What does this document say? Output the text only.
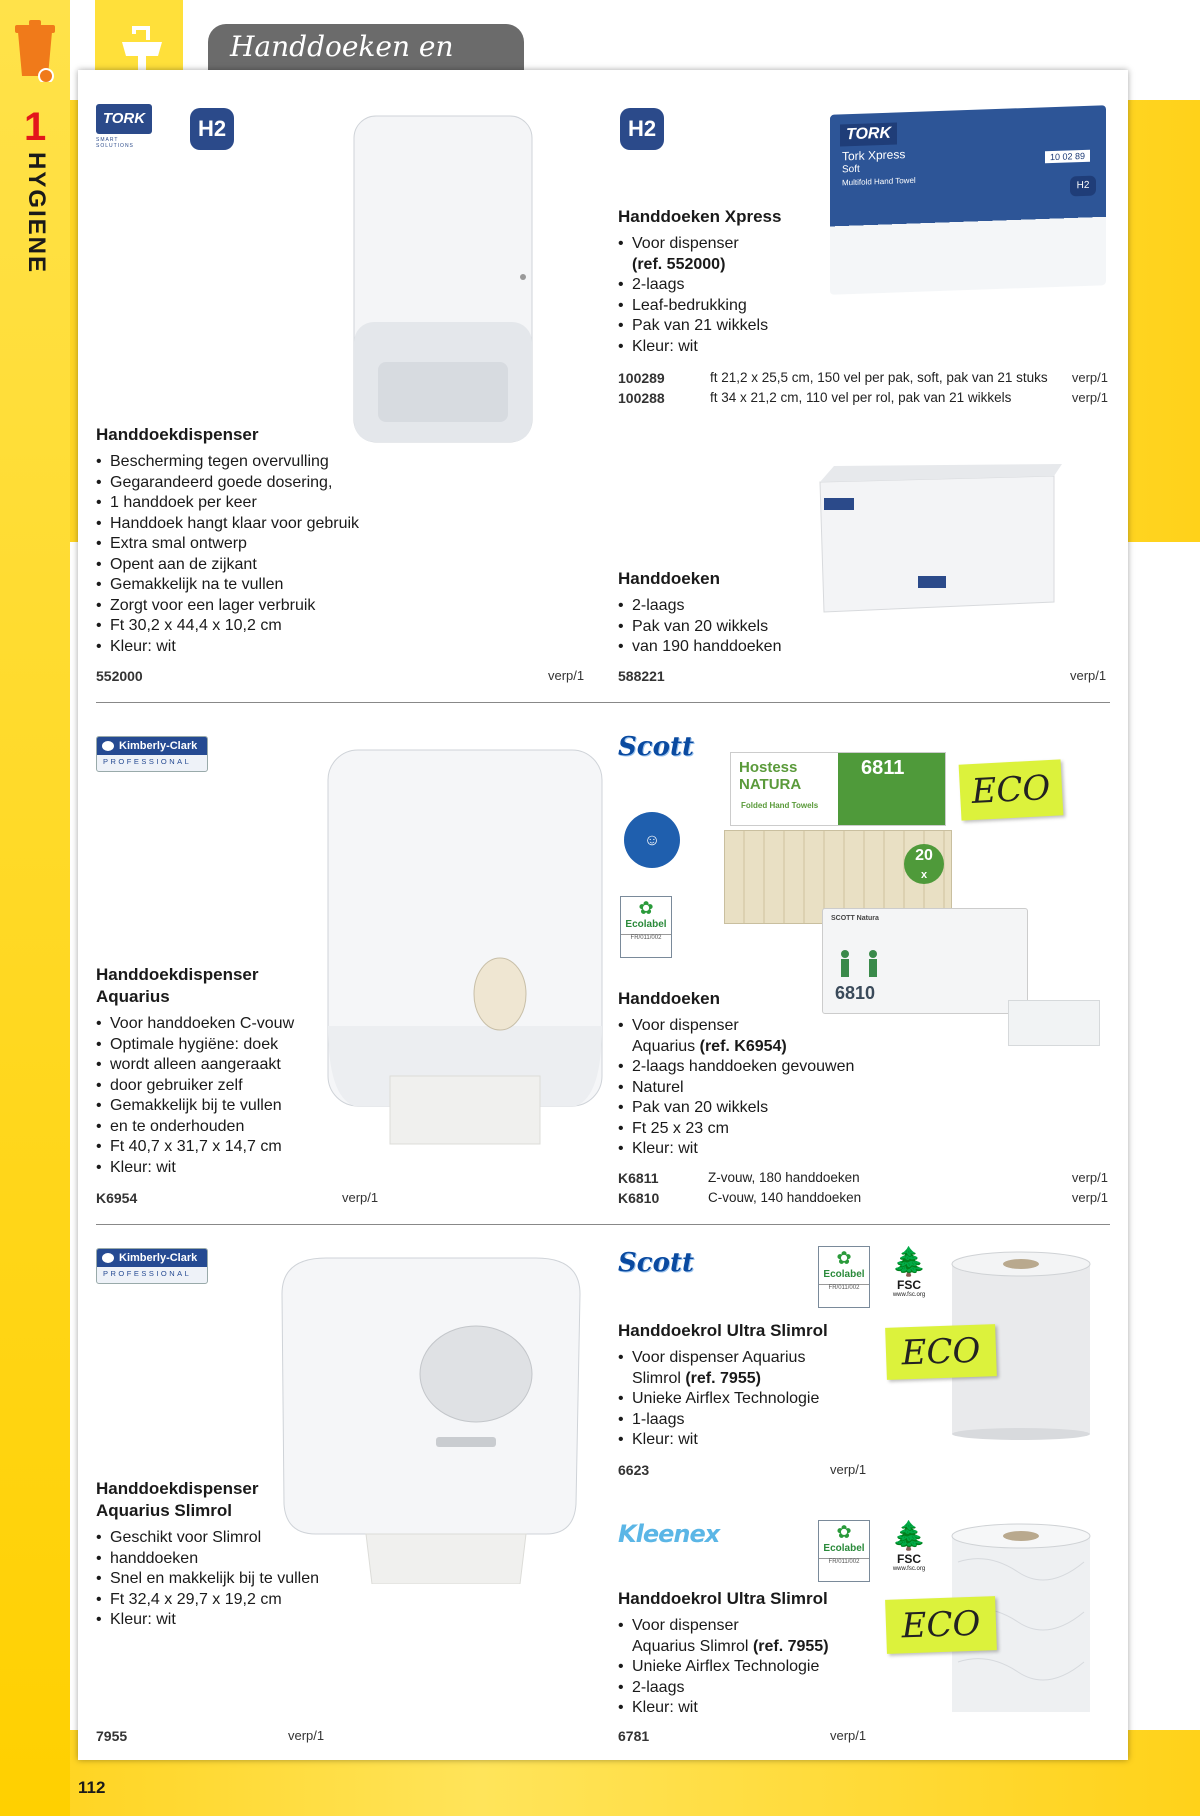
Handdoeken en
1
HYGIENE
TORK
SMART SOLUTIONS
H2

Handdoekdispenser

• Bescherming tegen overvulling
• Gegarandeerd goede dosering,
• 1 handdoek per keer
• Handdoek hangt klaar voor gebruik
• Extra smal ontwerp
• Opent aan de zijkant
• Gemakkelijk na te vullen
• Zorgt voor een lager verbruik
• Ft 30,2 x 44,4 x 10,2 cm
• Kleur: wit
552000	verp/1
H2	TORK
Tork Xpress
Soft
Multifold Hand Towel
10 02 89
H2

Handdoeken Xpress

• Voor dispenser
(ref. 552000)
• 2-laags
• Leaf-bedrukking
• Pak van 21 wikkels
• Kleur: wit
100289	ft 21,2 x 25,5 cm, 150 vel per pak, soft, pak van 21 stuks verp/1
100288	ft 34 x 21,2 cm, 110 vel per rol, pak van 21 wikkels	verp/1

Handdoeken

• 2-laags
• Pak van 20 wikkels
• van 190 handdoeken
588221	verp/1
Kimberly-Clark
PROFESSIONAL

Handdoekdispenser
Aquarius

• Voor handdoeken C-vouw
• Optimale hygiëne: doek
• wordt alleen aangeraakt
• door gebruiker zelf
• Gemakkelijk bij te vullen
• en te onderhouden
• Ft 40,7 x 31,7 x 14,7 cm
• Kleur: wit
K6954	verp/1
Scott
☺
✿
Ecolabel
FR/011/002
Hostess
NATURA
Folded Hand Towels
6811
20
x
SCOTT Natura
6810
ECO

Handdoeken

• Voor dispenser
Aquarius (ref. K6954)
• 2-laags handdoeken gevouwen
• Naturel
• Pak van 20 wikkels
• Ft 25 x 23 cm
• Kleur: wit
K6811	Z-vouw, 180 handdoeken	verp/1
K6810	C-vouw, 140 handdoeken	verp/1
Kimberly-Clark
PROFESSIONAL

Handdoekdispenser
Aquarius Slimrol

• Geschikt voor Slimrol
• handdoeken
• Snel en makkelijk bij te vullen
• Ft 32,4 x 29,7 x 19,2 cm
• Kleur: wit
7955	verp/1
Scott	✿
Ecolabel
FR/011/002
🌲
FSC
www.fsc.org
ECO

Handdoekrol Ultra Slimrol

• Voor dispenser Aquarius
Slimrol (ref. 7955)
• Unieke Airflex Technologie
• 1-laags
• Kleur: wit
6623	verp/1
Kleenex	✿
Ecolabel
FR/011/002
🌲
FSC
www.fsc.org
ECO

Handdoekrol Ultra Slimrol

• Voor dispenser
Aquarius Slimrol (ref. 7955)
• Unieke Airflex Technologie
• 2-laags
• Kleur: wit
6781	verp/1
112
